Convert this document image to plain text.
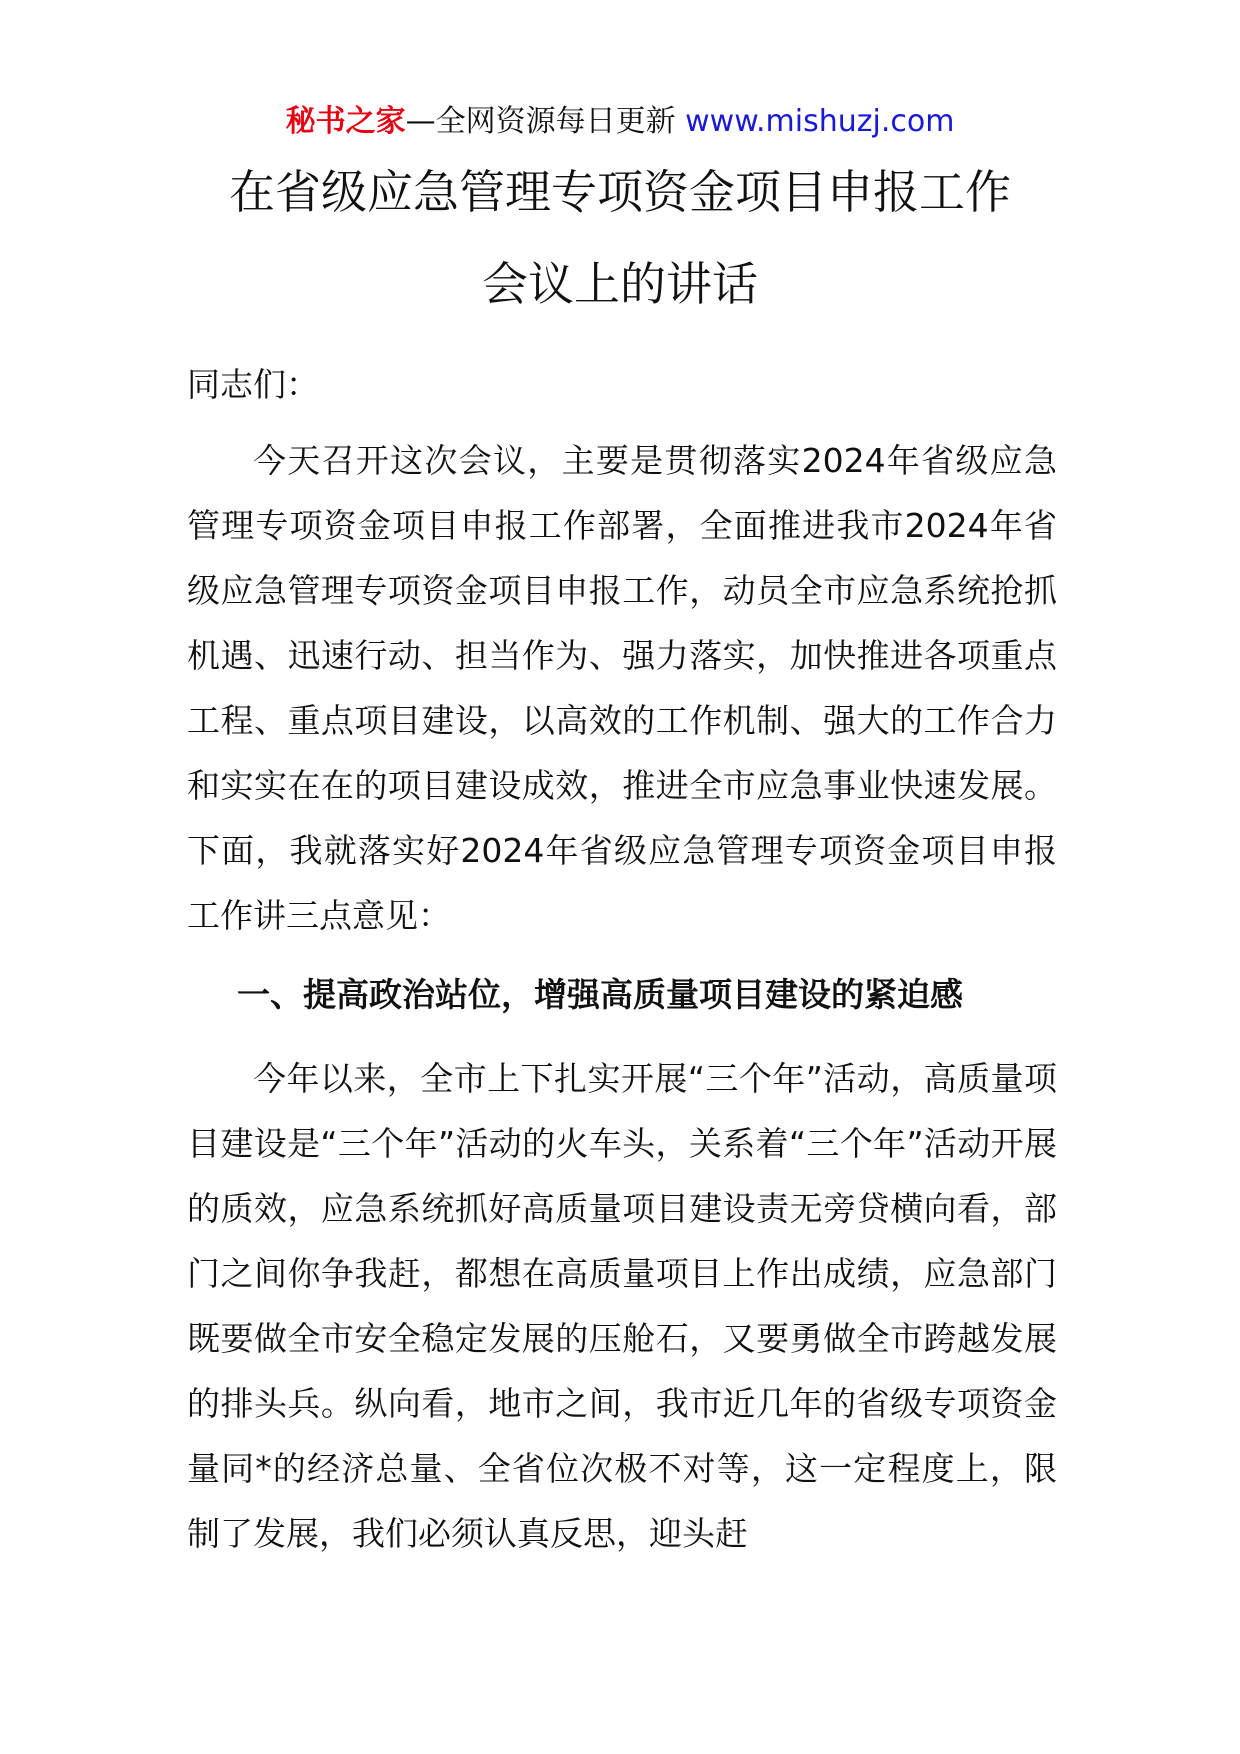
秘书之家—全网资源每日更新 www.mishuzj.com
在省级应急管理专项资金项目申报工作
会议上的讲话
同志们：

今天召开这次会议，主要是贯彻落实2024年省级应急管理专项资金项目申报工作部署，全面推进我市2024年省级应急管理专项资金项目申报工作，动员全市应急系统抢抓机遇、迅速行动、担当作为、强力落实，加快推进各项重点工程、重点项目建设，以高效的工作机制、强大的工作合力和实实在在的项目建设成效，推进全市应急事业快速发展。下面，我就落实好2024年省级应急管理专项资金项目申报工作讲三点意见：

一、提高政治站位，增强高质量项目建设的紧迫感

今年以来，全市上下扎实开展“三个年”活动，高质量项目建设是“三个年”活动的火车头，关系着“三个年”活动开展的质效，应急系统抓好高质量项目建设责无旁贷横向看，部门之间你争我赶，都想在高质量项目上作出成绩，应急部门既要做全市安全稳定发展的压舱石，又要勇做全市跨越发展的排头兵。纵向看，地市之间，我市近几年的省级专项资金量同*的经济总量、全省位次极不对等，这一定程度上，限制了发展，我们必须认真反思，迎头赶
